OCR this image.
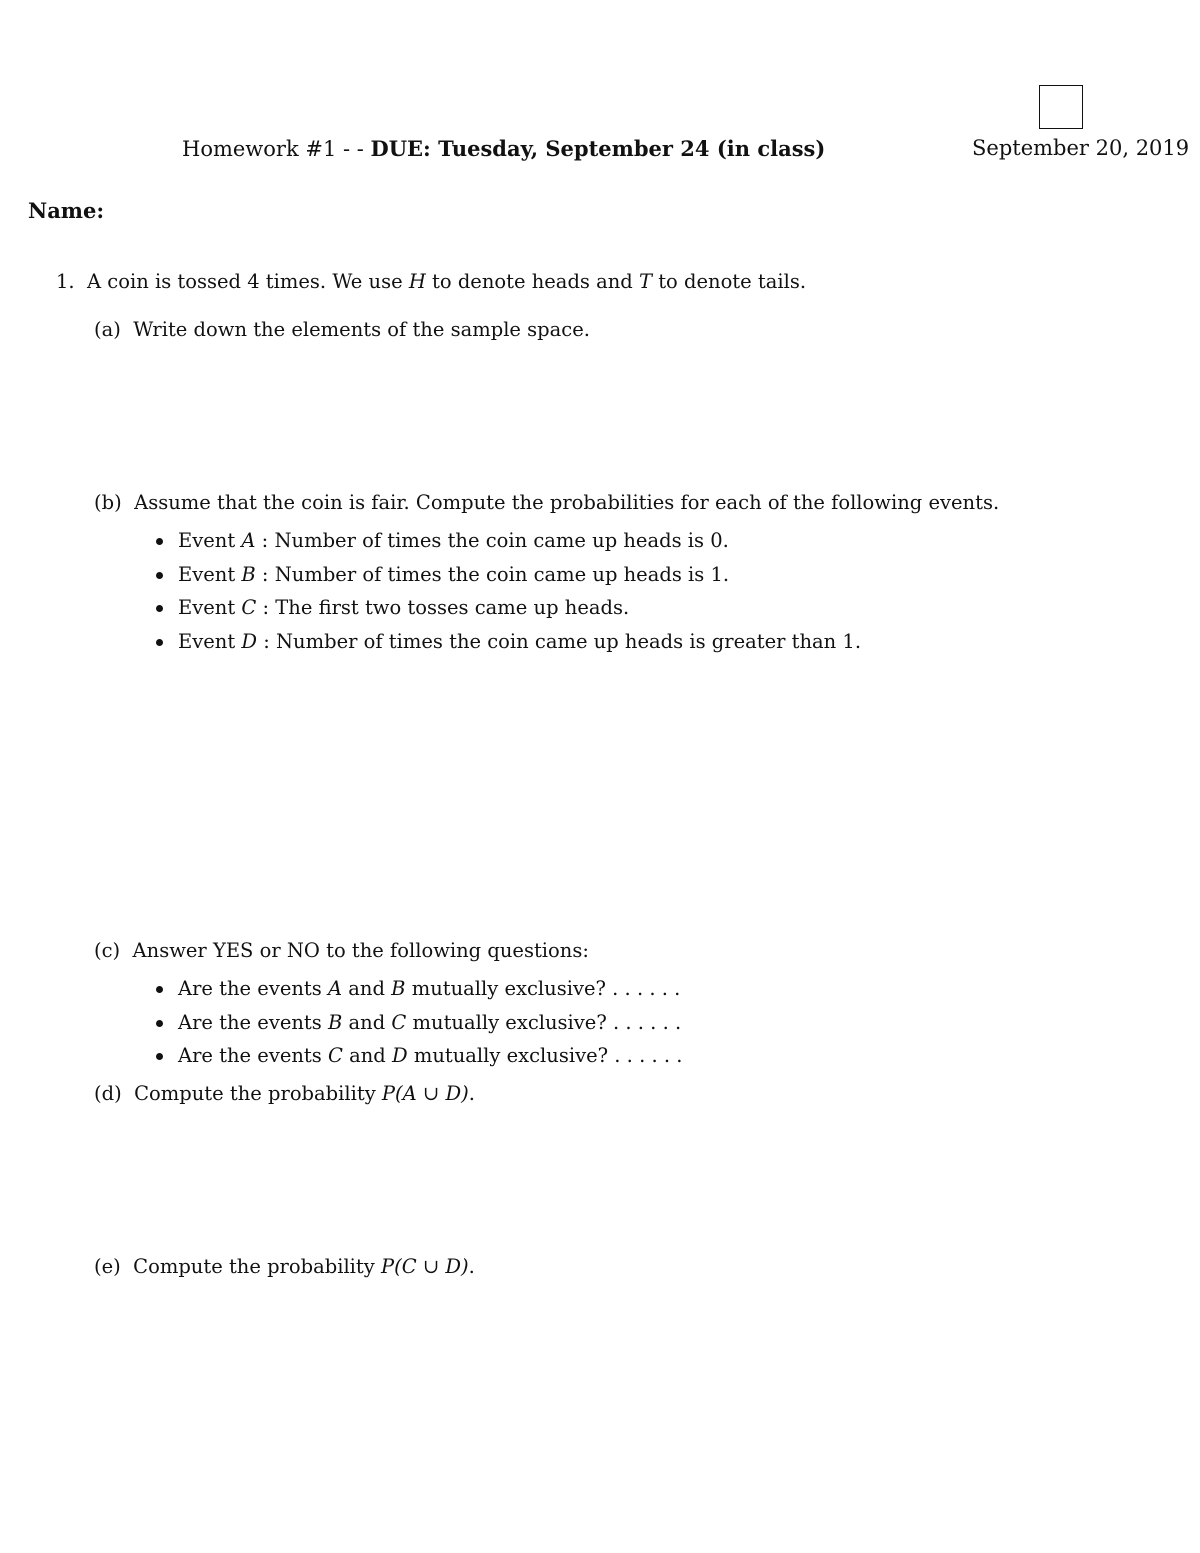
Homework #1 - - DUE: Tuesday, September 24 (in class)	September 20, 2019
Name:
1. A coin is tossed 4 times. We use H to denote heads and T to denote tails.
(a) Write down the elements of the sample space.
(b) Assume that the coin is fair. Compute the probabilities for each of the following events.
Event A : Number of times the coin came up heads is 0.
Event B : Number of times the coin came up heads is 1.
Event C : The first two tosses came up heads.
Event D : Number of times the coin came up heads is greater than 1.
(c) Answer YES or NO to the following questions:
Are the events A and B mutually exclusive? . . . . . .
Are the events B and C mutually exclusive? . . . . . .
Are the events C and D mutually exclusive? . . . . . .
(d) Compute the probability P(A ∪ D).
(e) Compute the probability P(C ∪ D).
